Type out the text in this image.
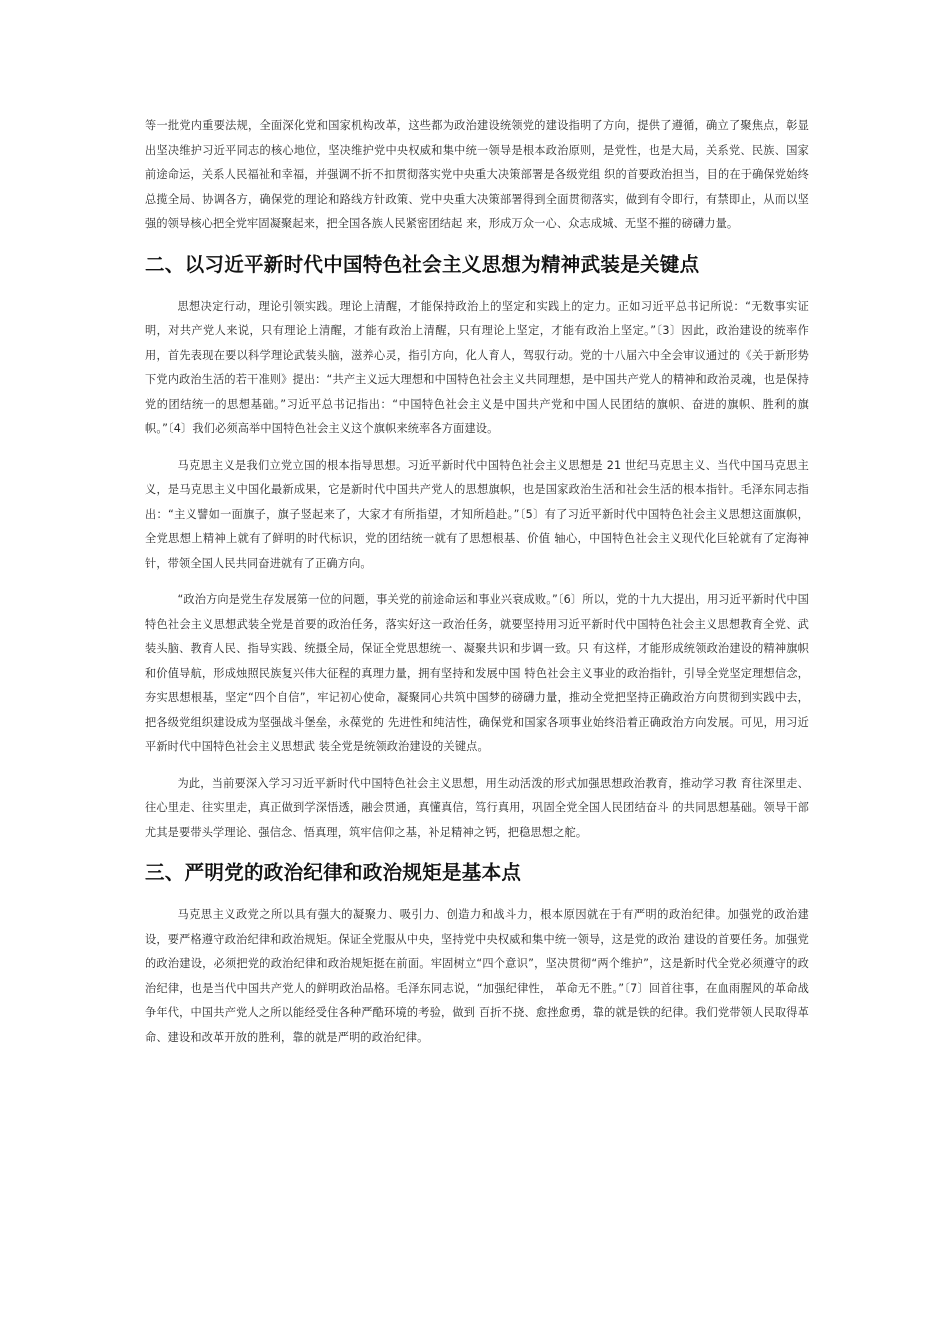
等一批党内重要法规，全面深化党和国家机构改革，这些都为政治建设统领党的建设指明了方向，提供了遵循，确立了聚焦点，彰显出坚决维护习近平同志的核心地位，坚决维护党中央权威和集中统一领导是根本政治原则，是党性，也是大局，关系党、民族、国家前途命运，关系人民福祉和幸福，并强调不折不扣贯彻落实党中央重大决策部署是各级党组 织的首要政治担当，目的在于确保党始终总揽全局、协调各方，确保党的理论和路线方针政策、党中央重大决策部署得到全面贯彻落实，做到有令即行，有禁即止，从而以坚强的领导核心把全党牢固凝聚起来，把全国各族人民紧密团结起 来，形成万众一心、众志成城、无坚不摧的磅礴力量。

二、以习近平新时代中国特色社会主义思想为精神武装是关键点

思想决定行动，理论引领实践。理论上清醒，才能保持政治上的坚定和实践上的定力。正如习近平总书记所说：“无数事实证明，对共产党人来说，只有理论上清醒，才能有政治上清醒，只有理论上坚定，才能有政治上坚定。”〔3〕因此，政治建设的统率作用，首先表现在要以科学理论武装头脑，滋养心灵，指引方向，化人育人，驾驭行动。党的十八届六中全会审议通过的《关于新形势下党内政治生活的若干准则》提出：“共产主义远大理想和中国特色社会主义共同理想，是中国共产党人的精神和政治灵魂，也是保持党的团结统一的思想基础。”习近平总书记指出：“中国特色社会主义是中国共产党和中国人民团结的旗帜、奋进的旗帜、胜利的旗帜。”〔4〕我们必须高举中国特色社会主义这个旗帜来统率各方面建设。

马克思主义是我们立党立国的根本指导思想。习近平新时代中国特色社会主义思想是 21 世纪马克思主义、当代中国马克思主义，是马克思主义中国化最新成果，它是新时代中国共产党人的思想旗帜，也是国家政治生活和社会生活的根本指针。毛泽东同志指出：“主义譬如一面旗子，旗子竖起来了，大家才有所指望，才知所趋赴。”〔5〕有了习近平新时代中国特色社会主义思想这面旗帜，全党思想上精神上就有了鲜明的时代标识，党的团结统一就有了思想根基、价值 轴心，中国特色社会主义现代化巨轮就有了定海神针，带领全国人民共同奋进就有了正确方向。

“政治方向是党生存发展第一位的问题，事关党的前途命运和事业兴衰成败。”〔6〕所以，党的十九大提出，用习近平新时代中国特色社会主义思想武装全党是首要的政治任务，落实好这一政治任务，就要坚持用习近平新时代中国特色社会主义思想教育全党、武装头脑、教育人民、指导实践、统摄全局，保证全党思想统一、凝聚共识和步调一致。只 有这样，才能形成统领政治建设的精神旗帜和价值导航，形成烛照民族复兴伟大征程的真理力量，拥有坚持和发展中国 特色社会主义事业的政治指针，引导全党坚定理想信念，夯实思想根基，坚定“四个自信”，牢记初心使命，凝聚同心共筑中国梦的磅礴力量，推动全党把坚持正确政治方向贯彻到实践中去，把各级党组织建设成为坚强战斗堡垒，永葆党的 先进性和纯洁性，确保党和国家各项事业始终沿着正确政治方向发展。可见，用习近平新时代中国特色社会主义思想武 装全党是统领政治建设的关键点。

为此，当前要深入学习习近平新时代中国特色社会主义思想，用生动活泼的形式加强思想政治教育，推动学习教 育往深里走、往心里走、往实里走，真正做到学深悟透，融会贯通，真懂真信，笃行真用，巩固全党全国人民团结奋斗 的共同思想基础。领导干部尤其是要带头学理论、强信念、悟真理，筑牢信仰之基，补足精神之钙，把稳思想之舵。

三、严明党的政治纪律和政治规矩是基本点

马克思主义政党之所以具有强大的凝聚力、吸引力、创造力和战斗力，根本原因就在于有严明的政治纪律。加强党的政治建设，要严格遵守政治纪律和政治规矩。保证全党服从中央，坚持党中央权威和集中统一领导，这是党的政治 建设的首要任务。加强党的政治建设，必须把党的政治纪律和政治规矩挺在前面。牢固树立“四个意识”，坚决贯彻“两个维护”，这是新时代全党必须遵守的政治纪律，也是当代中国共产党人的鲜明政治品格。毛泽东同志说，“加强纪律性， 革命无不胜。”〔7〕回首往事，在血雨腥风的革命战争年代，中国共产党人之所以能经受住各种严酷环境的考验，做到 百折不挠、愈挫愈勇，靠的就是铁的纪律。我们党带领人民取得革命、建设和改革开放的胜利，靠的就是严明的政治纪律。
